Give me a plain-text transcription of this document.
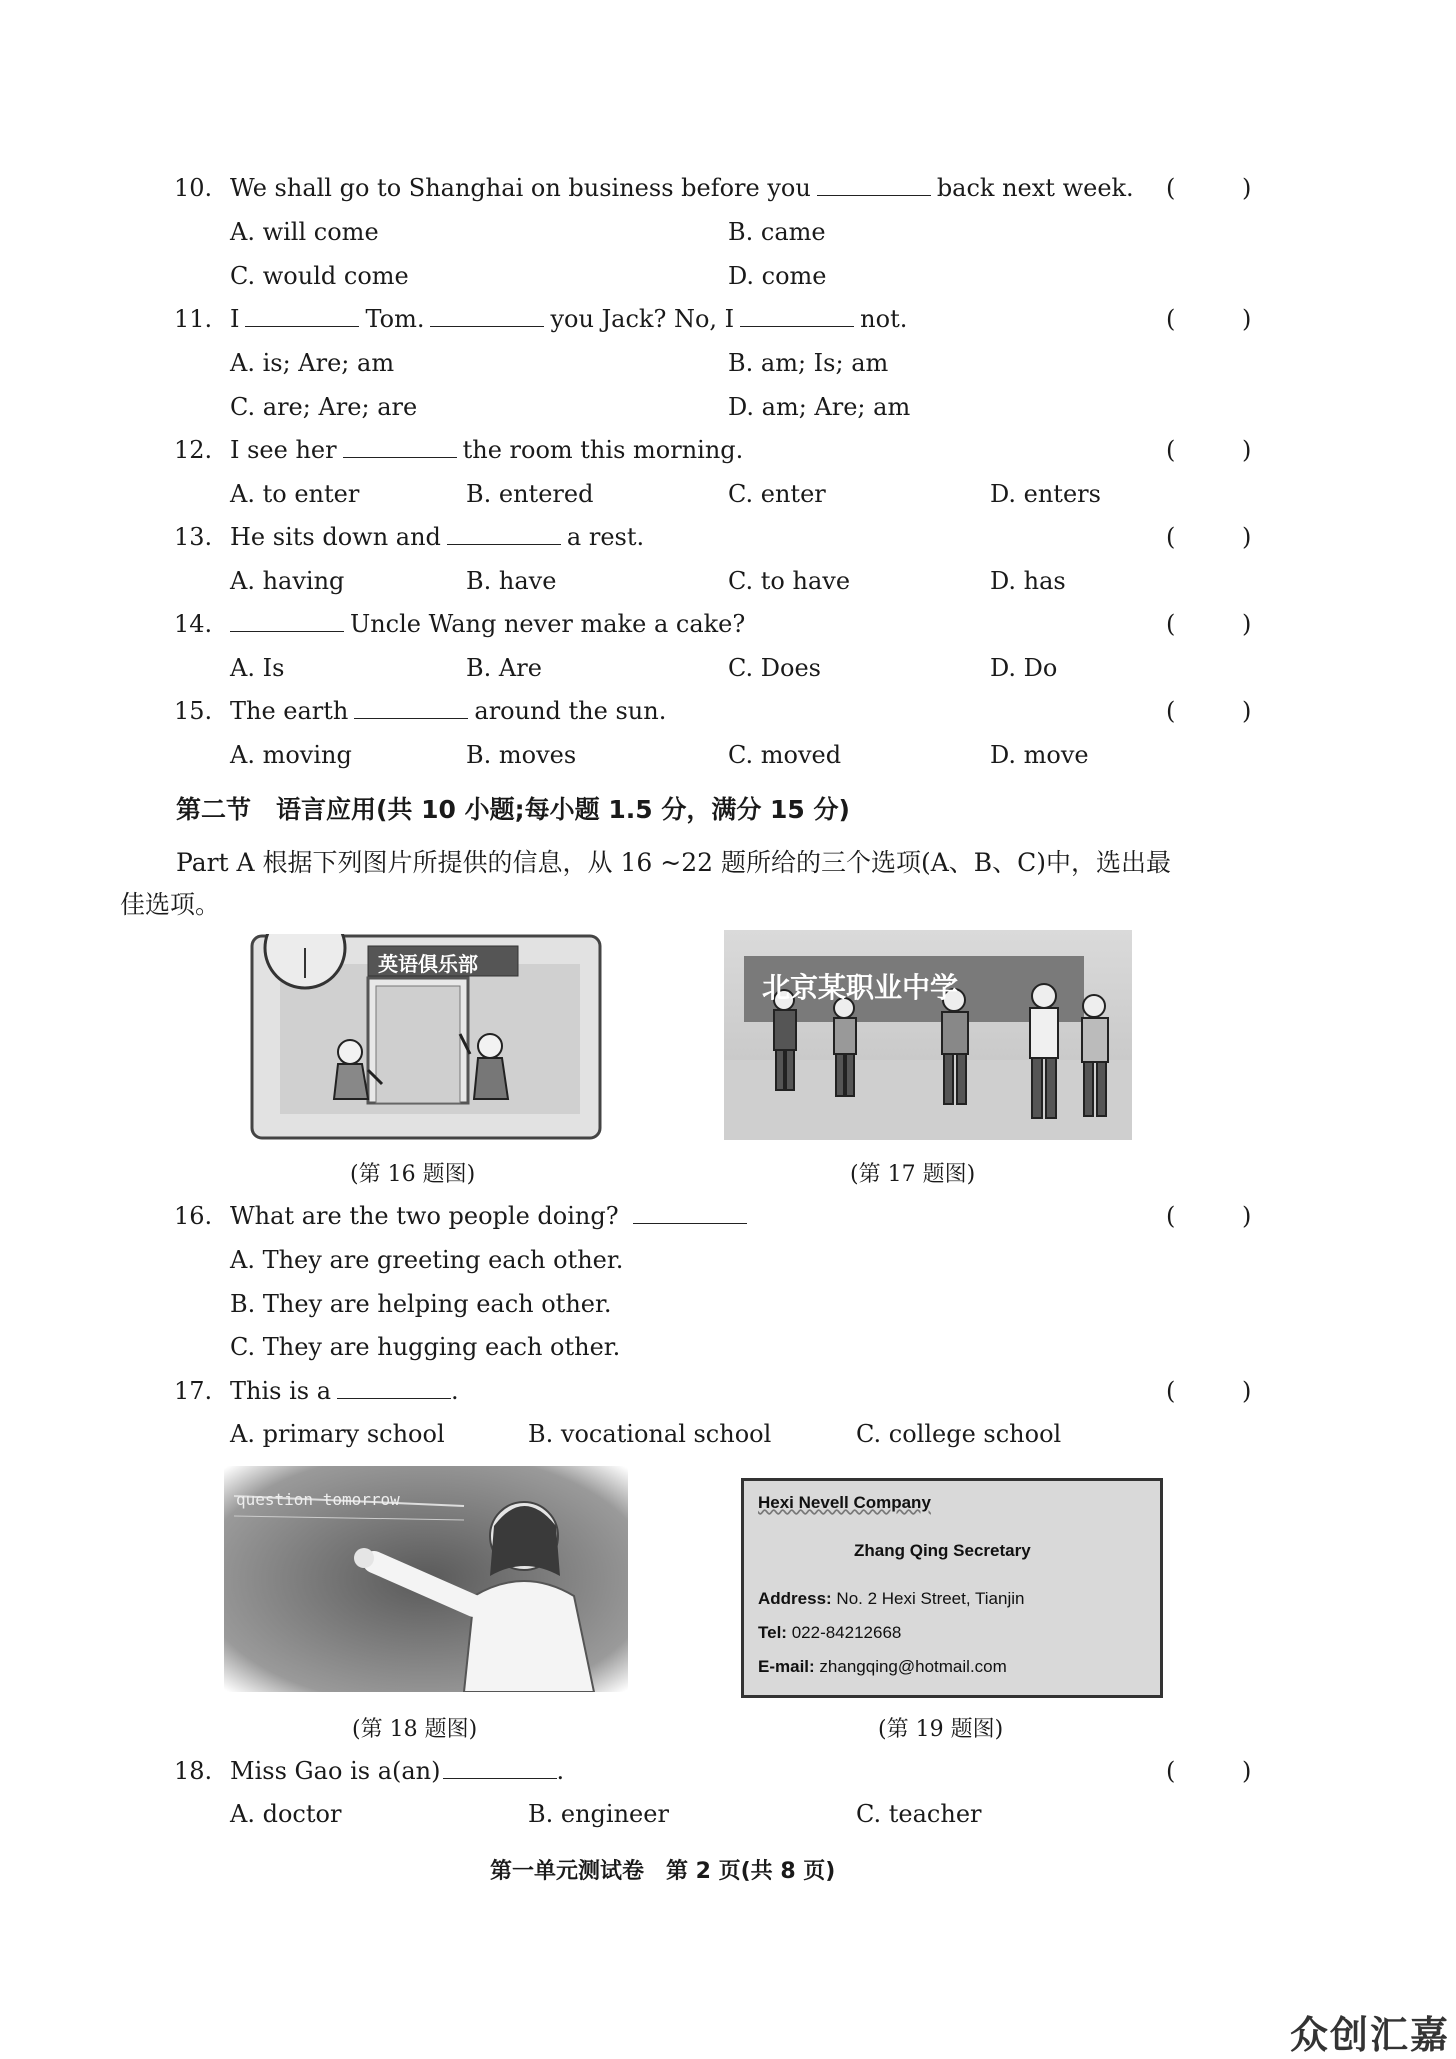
10. We shall go to Shanghai on business before you	back next week. (	)
A. will come	B. came
C. would come	D. come
11. I	Tom.	you Jack? No, I	not.	(	)
A. is; Are; am	B. am; Is; am
C. are; Are; are	D. am; Are; am
12. I see her	the room this morning.	(	)
A. to enter	B. entered	C. enter	D. enters
13. He sits down and	a rest.	(	)
A. having	B. have	C. to have	D. has
14.	Uncle Wang never make a cake?	(	)
A. Is	B. Are	C. Does	D. Do
15. The earth	around the sun.	(	)
A. moving	B. moves	C. moved	D. move
第二节　语言应用(共 10 小题;每小题 1.5 分，满分 15 分)
Part A 根据下列图片所提供的信息，从 16 ~22 题所给的三个选项(A、B、C)中，选出最
佳选项。
英语俱乐部
(第 16 题图)
北京某职业中学
(第 17 题图)
16. What are the two people doing?	(	)
A. They are greeting each other.
B. They are helping each other.
C. They are hugging each other.
17. This is a	.	(	)
A. primary school	B. vocational school	C. college school
question tomorrow
(第 18 题图)
Hexi Nevell Company
Zhang Qing Secretary
Address: No. 2 Hexi Street, Tianjin
Tel: 022-84212668
E-mail: zhangqing@hotmail.com
(第 19 题图)
18. Miss Gao is a(an)	.	(	)
A. doctor	B. engineer	C. teacher
第一单元测试卷　第 2 页(共 8 页)
众创汇嘉
